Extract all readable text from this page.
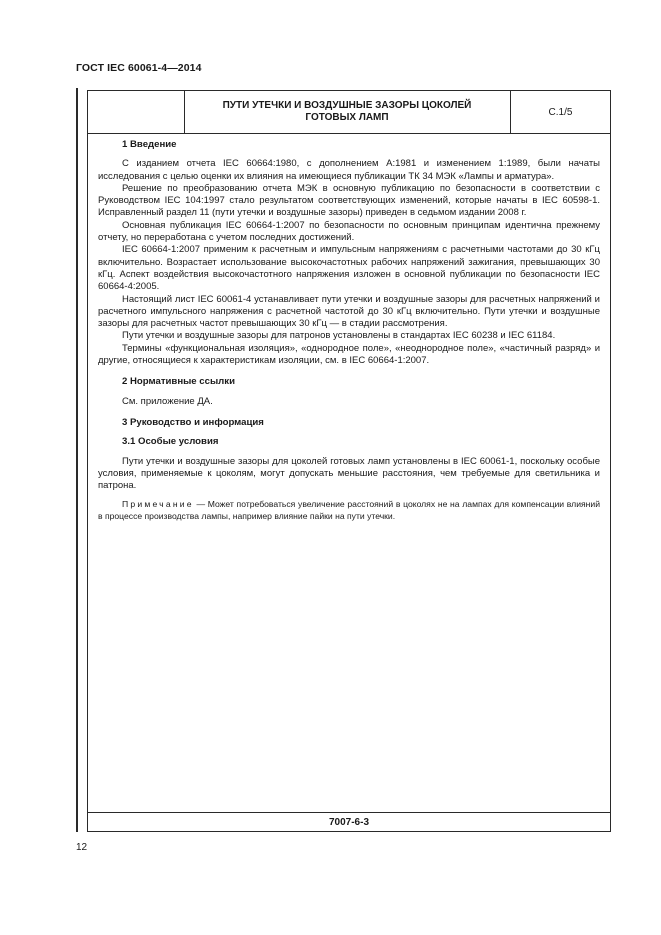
ГОСТ IEC 60061-4—2014
ПУТИ УТЕЧКИ И ВОЗДУШНЫЕ ЗАЗОРЫ ЦОКОЛЕЙ
ГОТОВЫХ ЛАМП	С.1/5
1 Введение

С изданием отчета IEC 60664:1980, с дополнением А:1981 и изменением 1:1989, были начаты исследования с целью оценки их влияния на имеющиеся публикации ТК 34 МЭК «Лампы и арматура».

Решение по преобразованию отчета МЭК в основную публикацию по безопасности в соответствии с Руководством IEC 104:1997 стало результатом соответствующих изменений, которые начаты в IEC 60598-1. Исправленный раздел 11 (пути утечки и воздушные зазоры) приведен в седьмом издании 2008 г.

Основная публикация IEC 60664-1:2007 по безопасности по основным принципам идентична прежнему отчету, но переработана с учетом последних достижений.

IEC 60664-1:2007 применим к расчетным и импульсным напряжениям с расчетными частотами до 30 кГц включительно. Возрастает использование высокочастотных рабочих напряжений зажигания, превышающих 30 кГц. Аспект воздействия высокочастотного напряжения изложен в основной публикации по безопасности IEC 60664-4:2005.

Настоящий лист IEC 60061-4 устанавливает пути утечки и воздушные зазоры для расчетных напряжений и расчетного импульсного напряжения с расчетной частотой до 30 кГц включительно. Пути утечки и воздушные зазоры для расчетных частот превышающих 30 кГц — в стадии рассмотрения.

Пути утечки и воздушные зазоры для патронов установлены в стандартах IEC 60238 и IEC 61184.

Термины «функциональная изоляция», «однородное поле», «неоднородное поле», «частичный разряд» и другие, относящиеся к характеристикам изоляции, см. в IEC 60664-1:2007.

2 Нормативные ссылки

См. приложение ДА.

3 Руководство и информация
3.1 Особые условия

Пути утечки и воздушные зазоры для цоколей готовых ламп установлены в IEC 60061-1, поскольку особые условия, применяемые к цоколям, могут допускать меньшие расстояния, чем требуемые для светильника и патрона.

Примечание — Может потребоваться увеличение расстояний в цоколях не на лампах для компенсации влияний в процессе производства лампы, например влияние пайки на пути утечки.

7007-6-3
12
